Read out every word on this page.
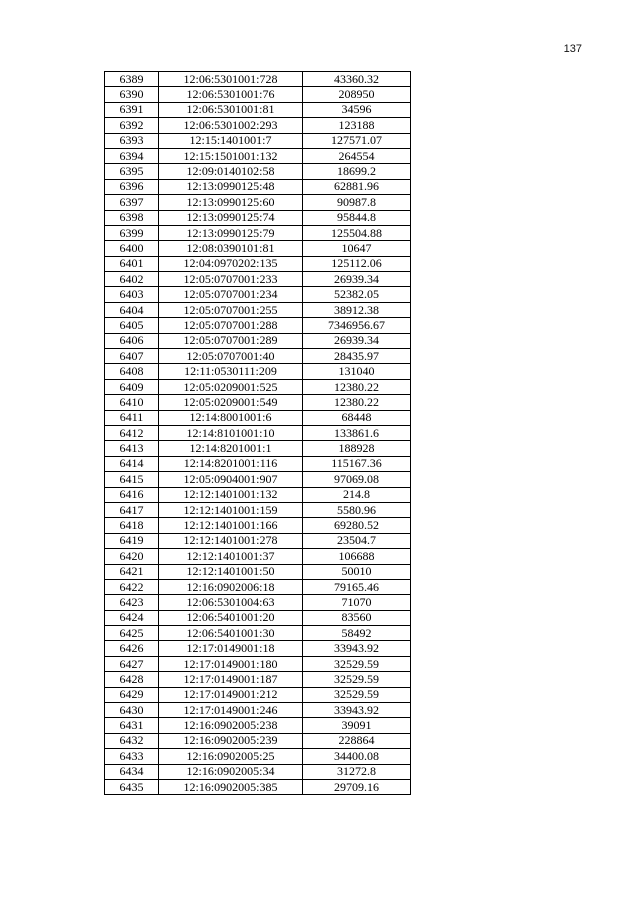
137
6389	12:06:5301001:728	43360.32
6390	12:06:5301001:76	208950
6391	12:06:5301001:81	34596
6392	12:06:5301002:293	123188
6393	12:15:1401001:7	127571.07
6394	12:15:1501001:132	264554
6395	12:09:0140102:58	18699.2
6396	12:13:0990125:48	62881.96
6397	12:13:0990125:60	90987.8
6398	12:13:0990125:74	95844.8
6399	12:13:0990125:79	125504.88
6400	12:08:0390101:81	10647
6401	12:04:0970202:135	125112.06
6402	12:05:0707001:233	26939.34
6403	12:05:0707001:234	52382.05
6404	12:05:0707001:255	38912.38
6405	12:05:0707001:288	7346956.67
6406	12:05:0707001:289	26939.34
6407	12:05:0707001:40	28435.97
6408	12:11:0530111:209	131040
6409	12:05:0209001:525	12380.22
6410	12:05:0209001:549	12380.22
6411	12:14:8001001:6	68448
6412	12:14:8101001:10	133861.6
6413	12:14:8201001:1	188928
6414	12:14:8201001:116	115167.36
6415	12:05:0904001:907	97069.08
6416	12:12:1401001:132	214.8
6417	12:12:1401001:159	5580.96
6418	12:12:1401001:166	69280.52
6419	12:12:1401001:278	23504.7
6420	12:12:1401001:37	106688
6421	12:12:1401001:50	50010
6422	12:16:0902006:18	79165.46
6423	12:06:5301004:63	71070
6424	12:06:5401001:20	83560
6425	12:06:5401001:30	58492
6426	12:17:0149001:18	33943.92
6427	12:17:0149001:180	32529.59
6428	12:17:0149001:187	32529.59
6429	12:17:0149001:212	32529.59
6430	12:17:0149001:246	33943.92
6431	12:16:0902005:238	39091
6432	12:16:0902005:239	228864
6433	12:16:0902005:25	34400.08
6434	12:16:0902005:34	31272.8
6435	12:16:0902005:385	29709.16
